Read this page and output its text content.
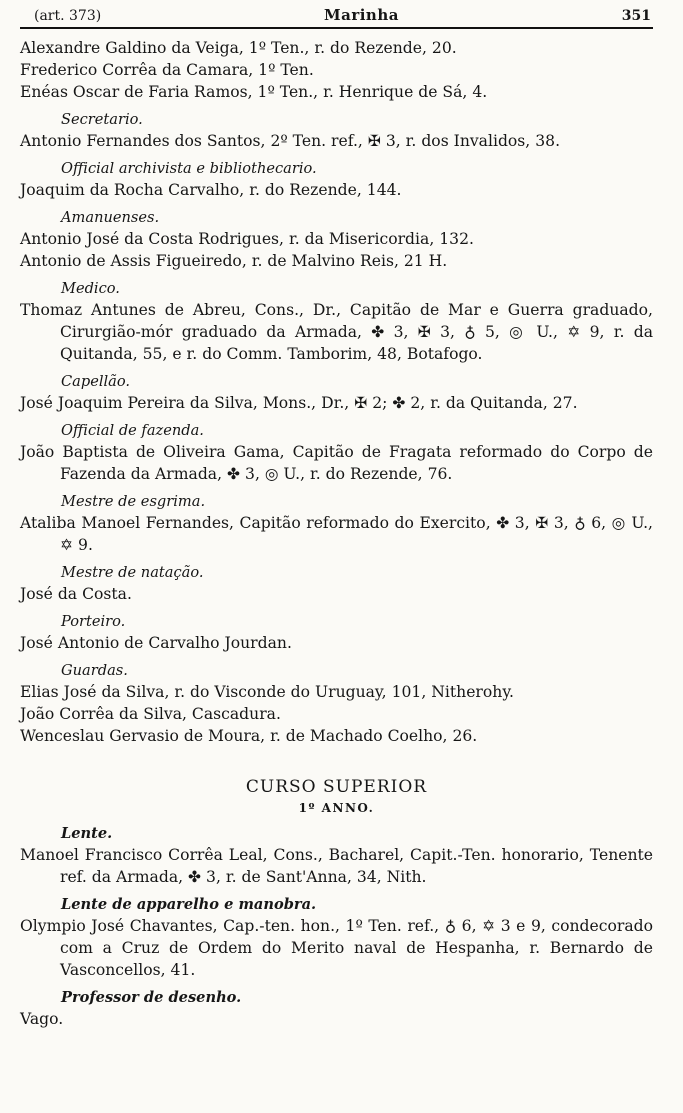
(art. 373)	Marinha	351
Alexandre Galdino da Veiga, 1º Ten., r. do Rezende, 20.
Frederico Corrêa da Camara, 1º Ten.
Enéas Oscar de Faria Ramos, 1º Ten., r. Henrique de Sá, 4.
Secretario.
Antonio Fernandes dos Santos, 2º Ten. ref., ✠ 3, r. dos Invalidos, 38.
Official archivista e bibliothecario.
Joaquim da Rocha Carvalho, r. do Rezende, 144.
Amanuenses.
Antonio José da Costa Rodrigues, r. da Misericordia, 132.
Antonio de Assis Figueiredo, r. de Malvino Reis, 21 H.
Medico.
Thomaz Antunes de Abreu, Cons., Dr., Capitão de Mar e Guerra graduado, Cirurgião-mór graduado da Armada, ✤ 3, ✠ 3, ♁ 5, ◎ U., ✡ 9, r. da Quitanda, 55, e r. do Comm. Tamborim, 48, Botafogo.
Capellão.
José Joaquim Pereira da Silva, Mons., Dr., ✠ 2; ✤ 2, r. da Quitanda, 27.
Official de fazenda.
João Baptista de Oliveira Gama, Capitão de Fragata reformado do Corpo de Fazenda da Armada, ✤ 3, ◎ U., r. do Rezende, 76.
Mestre de esgrima.
Ataliba Manoel Fernandes, Capitão reformado do Exercito, ✤ 3, ✠ 3, ♁ 6, ◎ U., ✡ 9.
Mestre de natação.
José da Costa.
Porteiro.
José Antonio de Carvalho Jourdan.
Guardas.
Elias José da Silva, r. do Visconde do Uruguay, 101, Nitherohy.
João Corrêa da Silva, Cascadura.
Wenceslau Gervasio de Moura, r. de Machado Coelho, 26.
CURSO SUPERIOR
1º ANNO.
Lente.
Manoel Francisco Corrêa Leal, Cons., Bacharel, Capit.-Ten. honorario, Tenente ref. da Armada, ✤ 3, r. de Sant'Anna, 34, Nith.
Lente de apparelho e manobra.
Olympio José Chavantes, Cap.-ten. hon., 1º Ten. ref., ♁ 6, ✡ 3 e 9, condecorado com a Cruz de Ordem do Merito naval de Hespanha, r. Bernardo de Vasconcellos, 41.
Professor de desenho.
Vago.
